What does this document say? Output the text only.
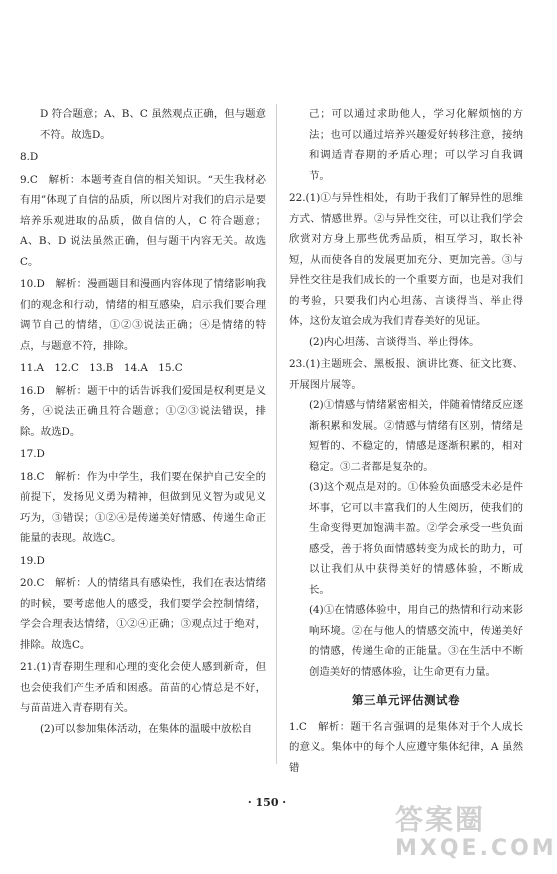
D 符合题意；A、B、C 虽然观点正确，但与题意不符。故选D。

8.D

9.C　解析：本题考查自信的相关知识。“天生我材必有用”体现了自信的品质，所以图片对我们的启示是要培养乐观进取的品质，做自信的人，C 符合题意；A、B、D 说法虽然正确，但与题干内容无关。故选C。

10.D　解析：漫画题目和漫画内容体现了情绪影响我们的观念和行动，情绪的相互感染，启示我们要合理调节自己的情绪，①②③说法正确；④是情绪的特点，与题意不符，排除。

11.A　12.C　13.B　14.A　15.C

16.D　解析：题干中的话告诉我们爱国是权利更是义务，④说法正确且符合题意；①②③说法错误，排除。故选D。

17.D

18.C　解析：作为中学生，我们要在保护自己安全的前提下，发扬见义勇为精神，但做到见义智为或见义巧为，③错误；①②④是传递美好情感、传递生命正能量的表现。故选C。

19.D

20.C　解析：人的情绪具有感染性，我们在表达情绪的时候，要考虑他人的感受，我们要学会控制情绪，学会合理表达情绪，①②④正确；③观点过于绝对，排除。故选C。

21.(1)青春期生理和心理的变化会使人感到新奇，但也会使我们产生矛盾和困惑。苗苗的心情总是不好，与苗苗进入青春期有关。

(2)可以参加集体活动，在集体的温暖中放松自

己；可以通过求助他人，学习化解烦恼的方法；也可以通过培养兴趣爱好转移注意，接纳和调适青春期的矛盾心理；可以学习自我调节。

22.(1)①与异性相处，有助于我们了解异性的思维方式、情感世界。②与异性交往，可以让我们学会欣赏对方身上那些优秀品质，相互学习，取长补短，从而使各自的发展更加充分、更加完善。③与异性交往是我们成长的一个重要方面，也是对我们的考验，只要我们内心坦荡、言谈得当、举止得体，这份友谊会成为我们青春美好的见证。

(2)内心坦荡、言谈得当、举止得体。

23.(1)主题班会、黑板报、演讲比赛、征文比赛、开展图片展等。

(2)①情感与情绪紧密相关，伴随着情绪反应逐渐积累和发展。②情感与情绪有区别，情绪是短暂的、不稳定的，情感是逐渐积累的，相对稳定。③二者都是复杂的。

(3)这个观点是对的。①体验负面感受未必是件坏事，它可以丰富我们的人生阅历，使我们的生命变得更加饱满丰盈。②学会承受一些负面感受，善于将负面情感转变为成长的助力，可以让我们从中获得美好的情感体验，不断成长。

(4)①在情感体验中，用自己的热情和行动来影响环境。②在与他人的情感交流中，传递美好的情感，传递生命的正能量。③在生活中不断创造美好的情感体验，让生命更有力量。

第三单元评估测试卷

1.C　解析：题干名言强调的是集体对于个人成长的意义。集体中的每个人应遵守集体纪律，A 虽然错

· 150 ·
答案圈
MXQE.COM
